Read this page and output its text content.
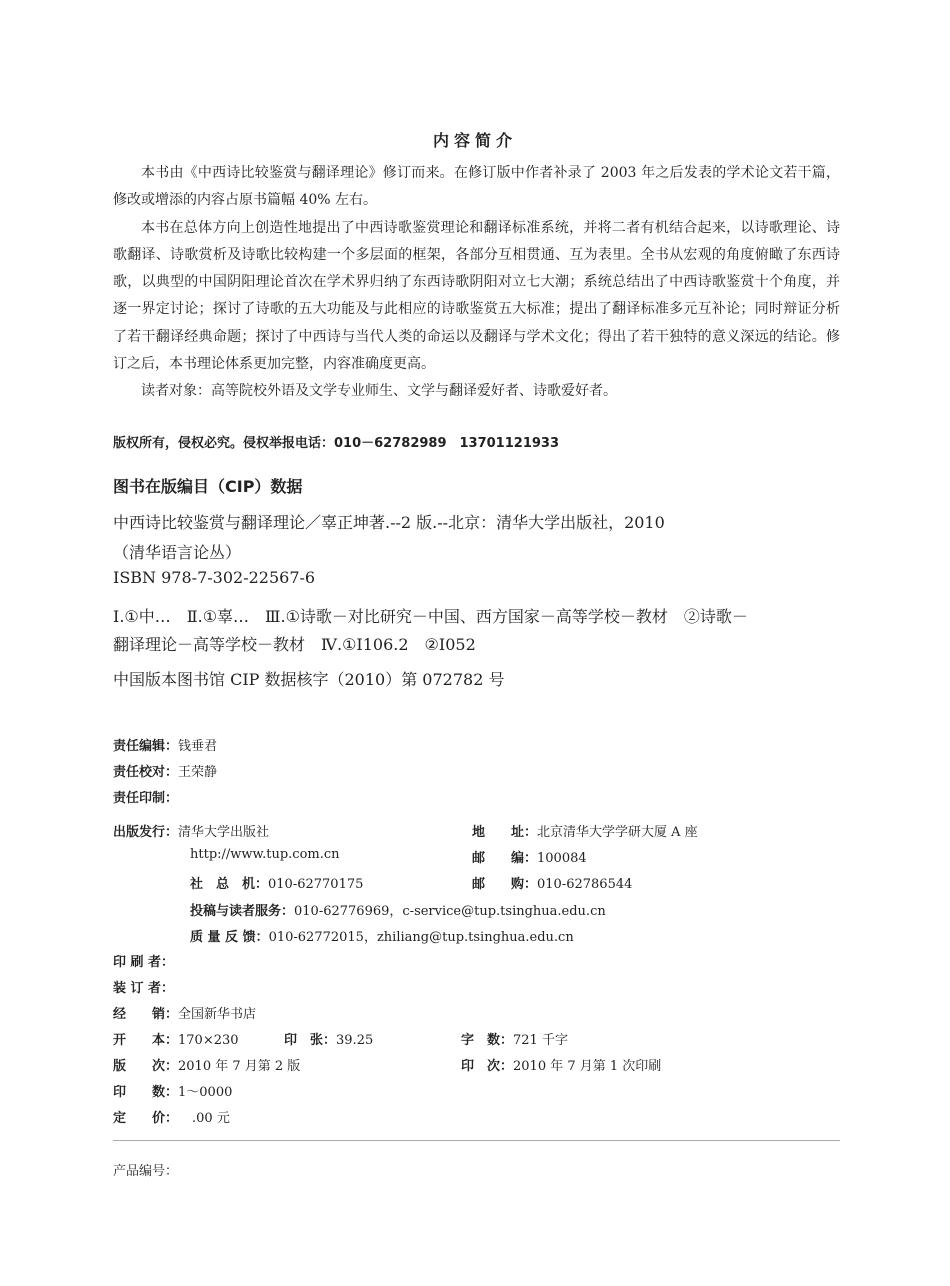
内容简介

本书由《中西诗比较鉴赏与翻译理论》修订而来。在修订版中作者补录了 2003 年之后发表的学术论文若干篇，修改或增添的内容占原书篇幅 40% 左右。

本书在总体方向上创造性地提出了中西诗歌鉴赏理论和翻译标准系统，并将二者有机结合起来，以诗歌理论、诗歌翻译、诗歌赏析及诗歌比较构建一个多层面的框架，各部分互相贯通、互为表里。全书从宏观的角度俯瞰了东西诗歌，以典型的中国阴阳理论首次在学术界归纳了东西诗歌阴阳对立七大潮；系统总结出了中西诗歌鉴赏十个角度，并逐一界定讨论；探讨了诗歌的五大功能及与此相应的诗歌鉴赏五大标准；提出了翻译标准多元互补论；同时辩证分析了若干翻译经典命题；探讨了中西诗与当代人类的命运以及翻译与学术文化；得出了若干独特的意义深远的结论。修订之后，本书理论体系更加完整，内容准确度更高。

读者对象：高等院校外语及文学专业师生、文学与翻译爱好者、诗歌爱好者。

版权所有，侵权必究。侵权举报电话：010－62782989　13701121933
图书在版编目（CIP）数据
中西诗比较鉴赏与翻译理论／辜正坤著.--2 版.--北京：清华大学出版社，2010
（清华语言论丛）
ISBN 978-7-302-22567-6
Ⅰ.①中…　Ⅱ.①辜…　Ⅲ.①诗歌－对比研究－中国、西方国家－高等学校－教材　②诗歌－
翻译理论－高等学校－教材　Ⅳ.①I106.2　②I052
中国版本图书馆 CIP 数据核字（2010）第 072782 号
责任编辑：钱垂君
责任校对：王荣静
责任印制：
出版发行：清华大学出版社	地　　址：北京清华大学学研大厦 A 座
http://www.tup.com.cn	邮　　编：100084
社　总　机：010-62770175	邮　　购：010-62786544
投稿与读者服务：010-62776969，c-service@tup.tsinghua.edu.cn
质 量 反 馈：010-62772015，zhiliang@tup.tsinghua.edu.cn
印 刷 者：
装 订 者：
经　　销：全国新华书店
开　　本：170×230	印　张：39.25	字　数：721 千字
版　　次：2010 年 7 月第 2 版	印　次：2010 年 7 月第 1 次印刷
印　　数：1～0000
定　　价： .00 元
产品编号：
